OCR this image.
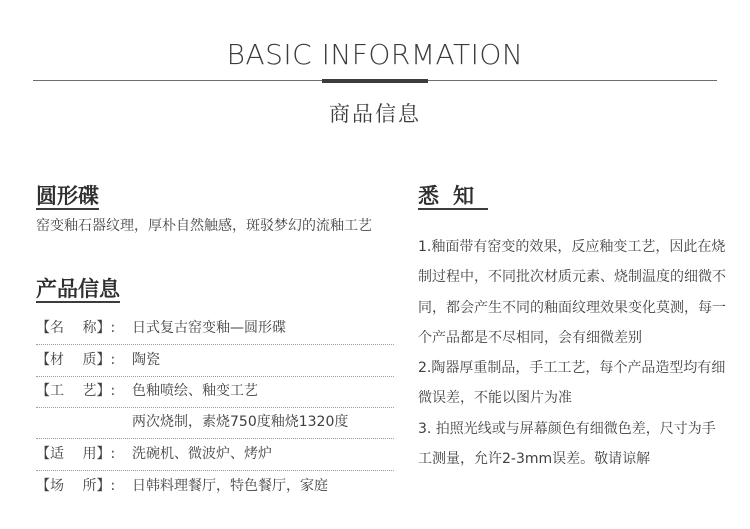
BASIC INFORMATION
商品信息
圆形碟
窑变釉石器纹理，厚朴自然触感，斑驳梦幻的流釉工艺
产品信息
【名　 称】:	日式复古窑变釉—圆形碟
【材　 质】:	陶瓷
【工　 艺】:	色釉喷绘、釉变工艺
两次烧制，素烧750度釉烧1320度
【适　 用】:	洗碗机、微波炉、烤炉
【场　 所】:	日韩料理餐厅，特色餐厅，家庭
悉知

1.釉面带有窑变的效果，反应釉变工艺，因此在烧制过程中，不同批次材质元素、烧制温度的细微不同，都会产生不同的釉面纹理效果变化莫测，每一个产品都是不尽相同，会有细微差别

2.陶器厚重制品，手工工艺，每个产品造型均有细微误差，不能以图片为准

3. 拍照光线或与屏幕颜色有细微色差，尺寸为手工测量，允许2-3mm误差。敬请谅解
